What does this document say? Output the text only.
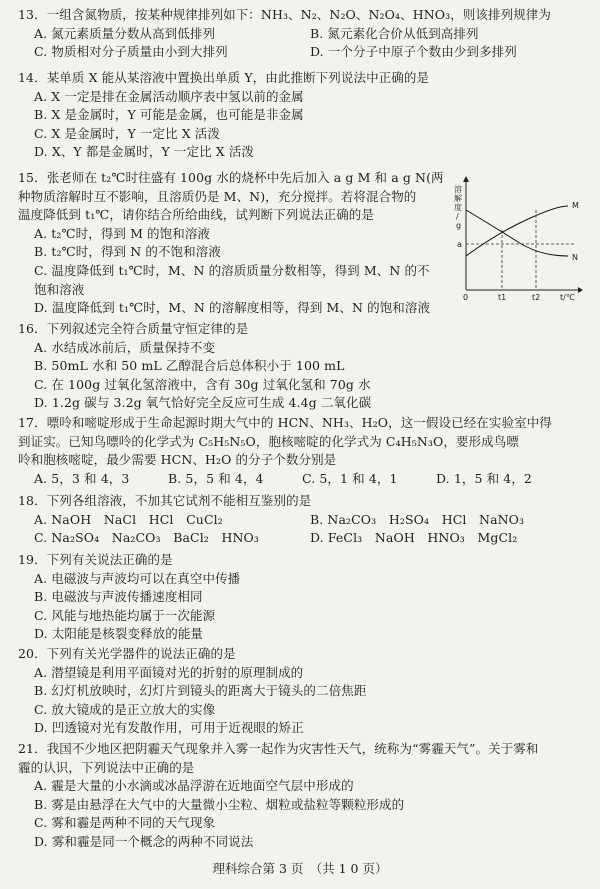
13．一组含氮物质，按某种规律排列如下：NH₃、N₂、N₂O、N₂O₄、HNO₃，则该排列规律为
A. 氮元素质量分数从高到低排列	B. 氮元素化合价从低到高排列
C. 物质相对分子质量由小到大排列	D. 一个分子中原子个数由少到多排列
14．某单质 X 能从某溶液中置换出单质 Y，由此推断下列说法中正确的是
A. X 一定是排在金属活动顺序表中氢以前的金属
B. X 是金属时，Y 可能是金属，也可能是非金属
C. X 是金属时，Y 一定比 X 活泼
D. X、Y 都是金属时，Y 一定比 X 活泼
15．张老师在 t₂℃时往盛有 100g 水的烧杯中先后加入 a g M 和 a g N(两
种物质溶解时互不影响，且溶质仍是 M、N)，充分搅拌。若将混合物的
温度降低到 t₁℃，请你结合所给曲线，试判断下列说法正确的是
A. t₂℃时，得到 M 的饱和溶液
B. t₂℃时，得到 N 的不饱和溶液
C. 温度降低到 t₁℃时，M、N 的溶质质量分数相等，得到 M、N 的不
饱和溶液
D. 温度降低到 t₁℃时，M、N 的溶解度相等，得到 M、N 的饱和溶液
溶
解
度
/
g
a
M
N
0	t1	t2 t/℃
16．下列叙述完全符合质量守恒定律的是
A. 水结成冰前后，质量保持不变
B. 50mL 水和 50 mL 乙醇混合后总体积小于 100 mL
C. 在 100g 过氧化氢溶液中，含有 30g 过氧化氢和 70g 水
D. 1.2g 碳与 3.2g 氧气恰好完全反应可生成 4.4g 二氧化碳
17．嘌呤和嘧啶形成于生命起源时期大气中的 HCN、NH₃、H₂O，这一假设已经在实验室中得
到证实。已知鸟嘌呤的化学式为 C₅H₅N₅O，胞核嘧啶的化学式为 C₄H₅N₃O，要形成鸟嘌
呤和胞核嘧啶，最少需要 HCN、H₂O 的分子个数分别是
A. 5，3 和 4，3	B. 5，5 和 4，4	C. 5，1 和 4，1	D. 1，5 和 4，2
18．下列各组溶液，不加其它试剂不能相互鉴别的是
A. NaOH　NaCl　HCl　CuCl₂	B. Na₂CO₃　H₂SO₄　HCl　NaNO₃
C. Na₂SO₄　Na₂CO₃　BaCl₂　HNO₃	D. FeCl₃　NaOH　HNO₃　MgCl₂
19．下列有关说法正确的是
A. 电磁波与声波均可以在真空中传播
B. 电磁波与声波传播速度相同
C. 风能与地热能均属于一次能源
D. 太阳能是核裂变释放的能量
20．下列有关光学器件的说法正确的是
A. 潜望镜是利用平面镜对光的折射的原理制成的
B. 幻灯机放映时，幻灯片到镜头的距离大于镜头的二倍焦距
C. 放大镜成的是正立放大的实像
D. 凹透镜对光有发散作用，可用于近视眼的矫正
21．我国不少地区把阴霾天气现象并入雾一起作为灾害性天气，统称为“雾霾天气”。关于雾和
霾的认识，下列说法中正确的是
A. 霾是大量的小水滴或冰晶浮游在近地面空气层中形成的
B. 雾是由悬浮在大气中的大量微小尘粒、烟粒或盐粒等颗粒形成的
C. 雾和霾是两种不同的天气现象
D. 雾和霾是同一个概念的两种不同说法
理科综合第 3 页　（共 1 0 页）
